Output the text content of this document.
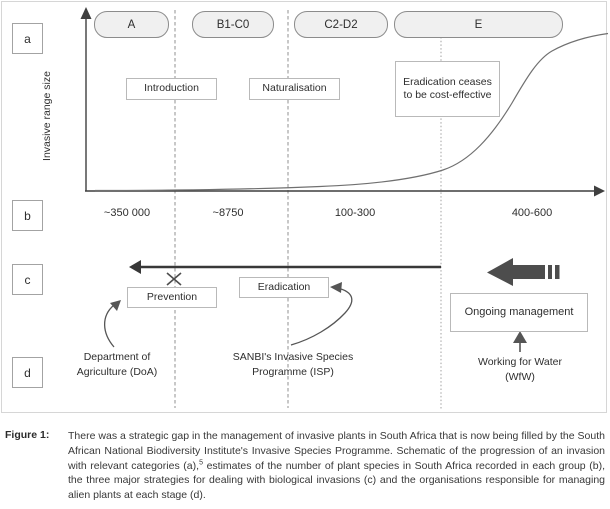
a
b
c
d
Invasive range size
A	B1-C0	C2-D2	E
Introduction	Naturalisation
Eradication ceases to be cost-effective
~350 000	~8750	100-300	400-600
Prevention
Eradication
Ongoing management
Department of Agriculture (DoA)
SANBI's Invasive Species Programme (ISP)
Working for Water (WfW)
Figure 1:	There was a strategic gap in the management of invasive plants in South Africa that is now being filled by the South African National Biodiversity Institute's Invasive Species Programme. Schematic of the progression of an invasion with relevant categories (a),$^5$ estimates of the number of plant species in South Africa recorded in each group (b), the three major strategies for dealing with biological invasions (c) and the organisations responsible for managing alien plants at each stage (d).
